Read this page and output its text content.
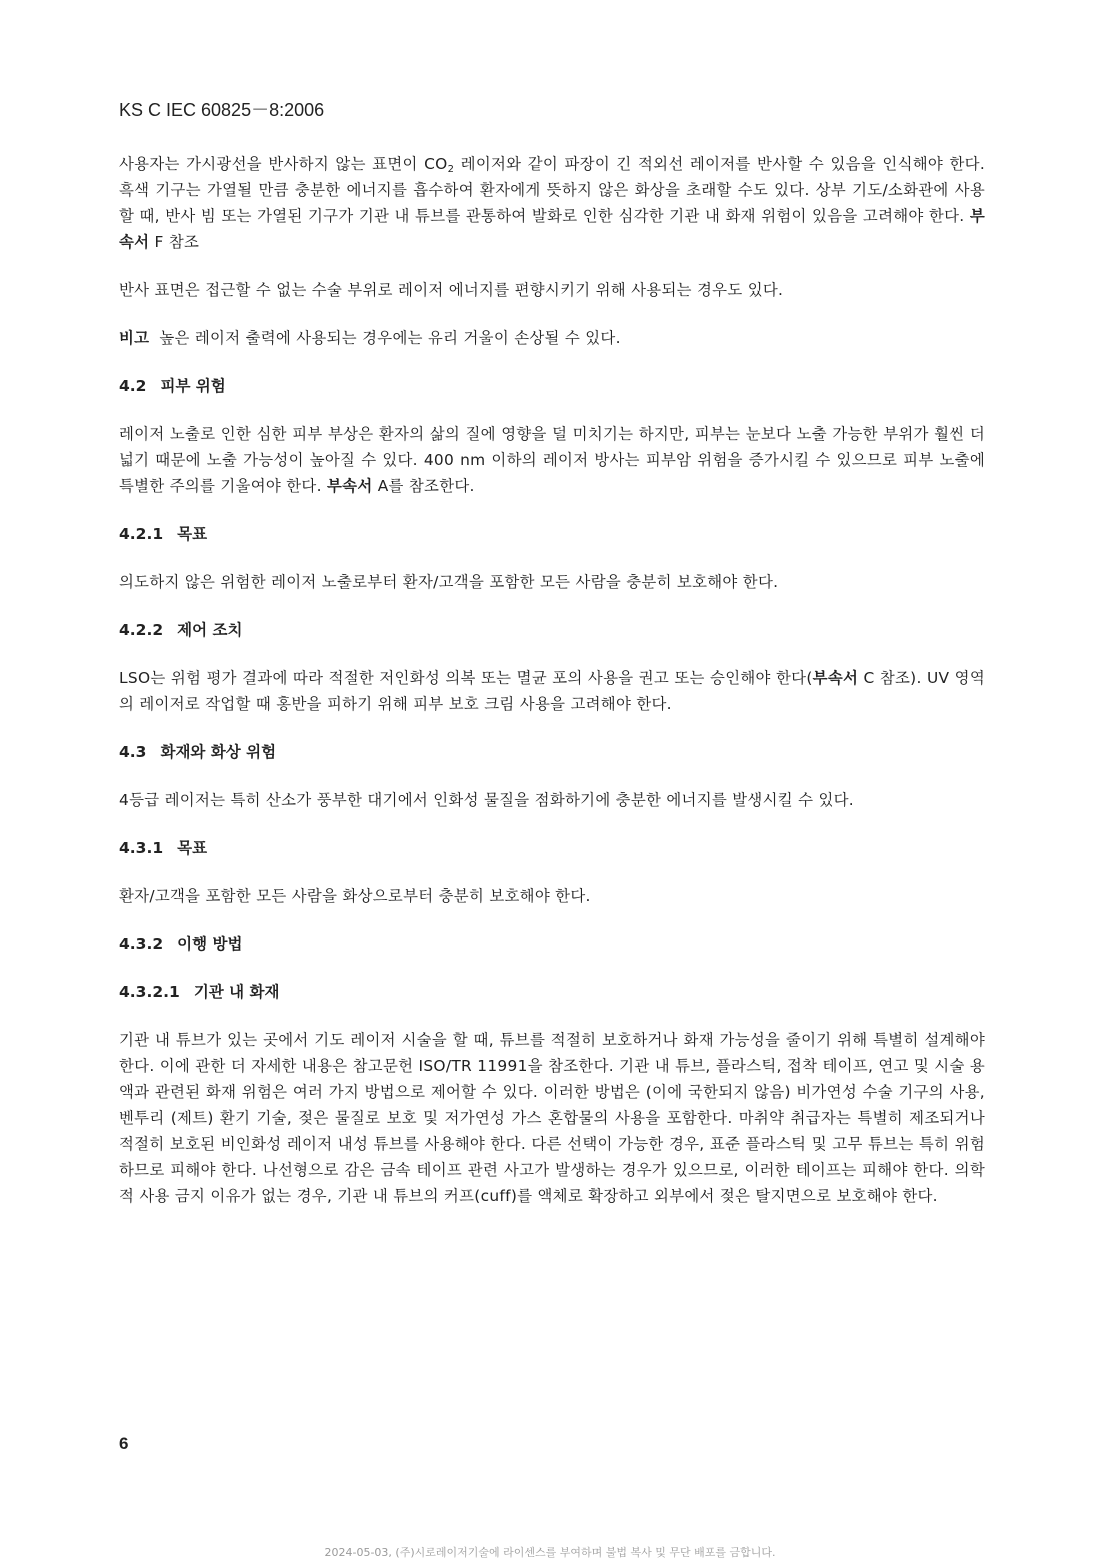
KS C IEC 60825－8:2006

사용자는 가시광선을 반사하지 않는 표면이 $CO_2$ 레이저와 같이 파장이 긴 적외선 레이저를 반사할 수 있음을 인식해야 한다. 흑색 기구는 가열될 만큼 충분한 에너지를 흡수하여 환자에게 뜻하지 않은 화상을 초래할 수도 있다. 상부 기도/소화관에 사용할 때, 반사 빔 또는 가열된 기구가 기관 내 튜브를 관통하여 발화로 인한 심각한 기관 내 화재 위험이 있음을 고려해야 한다. 부속서 F 참조

반사 표면은 접근할 수 없는 수술 부위로 레이저 에너지를 편향시키기 위해 사용되는 경우도 있다.

비고 높은 레이저 출력에 사용되는 경우에는 유리 거울이 손상될 수 있다.

4.2 피부 위험

레이저 노출로 인한 심한 피부 부상은 환자의 삶의 질에 영향을 덜 미치기는 하지만, 피부는 눈보다 노출 가능한 부위가 훨씬 더 넓기 때문에 노출 가능성이 높아질 수 있다. 400 nm 이하의 레이저 방사는 피부암 위험을 증가시킬 수 있으므로 피부 노출에 특별한 주의를 기울여야 한다. 부속서 A를 참조한다.

4.2.1 목표

의도하지 않은 위험한 레이저 노출로부터 환자/고객을 포함한 모든 사람을 충분히 보호해야 한다.

4.2.2 제어 조치

LSO는 위험 평가 결과에 따라 적절한 저인화성 의복 또는 멸균 포의 사용을 권고 또는 승인해야 한다(부속서 C 참조). UV 영역의 레이저로 작업할 때 홍반을 피하기 위해 피부 보호 크림 사용을 고려해야 한다.

4.3 화재와 화상 위험

4등급 레이저는 특히 산소가 풍부한 대기에서 인화성 물질을 점화하기에 충분한 에너지를 발생시킬 수 있다.

4.3.1 목표

환자/고객을 포함한 모든 사람을 화상으로부터 충분히 보호해야 한다.

4.3.2 이행 방법
4.3.2.1 기관 내 화재

기관 내 튜브가 있는 곳에서 기도 레이저 시술을 할 때, 튜브를 적절히 보호하거나 화재 가능성을 줄이기 위해 특별히 설계해야 한다. 이에 관한 더 자세한 내용은 참고문헌 ISO/TR 11991을 참조한다. 기관 내 튜브, 플라스틱, 접착 테이프, 연고 및 시술 용액과 관련된 화재 위험은 여러 가지 방법으로 제어할 수 있다. 이러한 방법은 (이에 국한되지 않음) 비가연성 수술 기구의 사용, 벤투리 (제트) 환기 기술, 젖은 물질로 보호 및 저가연성 가스 혼합물의 사용을 포함한다. 마취약 취급자는 특별히 제조되거나 적절히 보호된 비인화성 레이저 내성 튜브를 사용해야 한다. 다른 선택이 가능한 경우, 표준 플라스틱 및 고무 튜브는 특히 위험하므로 피해야 한다. 나선형으로 감은 금속 테이프 관련 사고가 발생하는 경우가 있으므로, 이러한 테이프는 피해야 한다. 의학적 사용 금지 이유가 없는 경우, 기관 내 튜브의 커프(cuff)를 액체로 확장하고 외부에서 젖은 탈지면으로 보호해야 한다.

6
2024-05-03, (주)시로레이저기술에 라이센스를 부여하며 불법 복사 및 무단 배포를 금합니다.
